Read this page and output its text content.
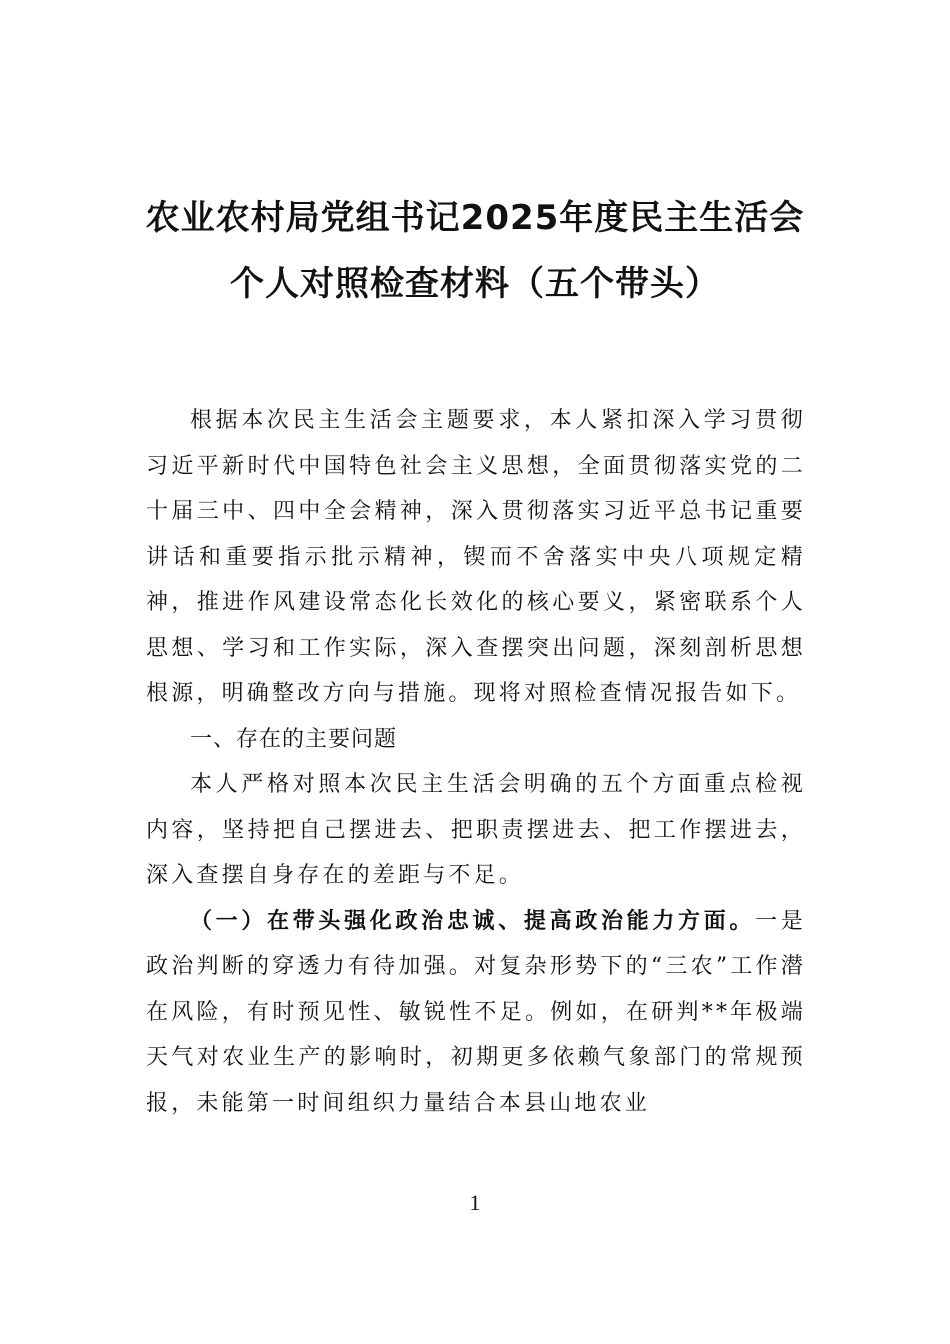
农业农村局党组书记2025年度民主生活会
个人对照检查材料（五个带头）

根据本次民主生活会主题要求，本人紧扣深入学习贯彻习近平新时代中国特色社会主义思想，全面贯彻落实党的二十届三中、四中全会精神，深入贯彻落实习近平总书记重要讲话和重要指示批示精神，锲而不舍落实中央八项规定精神，推进作风建设常态化长效化的核心要义，紧密联系个人思想、学习和工作实际，深入查摆突出问题，深刻剖析思想根源，明确整改方向与措施。现将对照检查情况报告如下。

一、存在的主要问题

本人严格对照本次民主生活会明确的五个方面重点检视内容，坚持把自己摆进去、把职责摆进去、把工作摆进去，深入查摆自身存在的差距与不足。

（一）在带头强化政治忠诚、提高政治能力方面。一是政治判断的穿透力有待加强。对复杂形势下的“三农”工作潜在风险，有时预见性、敏锐性不足。例如，在研判**年极端天气对农业生产的影响时，初期更多依赖气象部门的常规预报，未能第一时间组织力量结合本县山地农业

1
